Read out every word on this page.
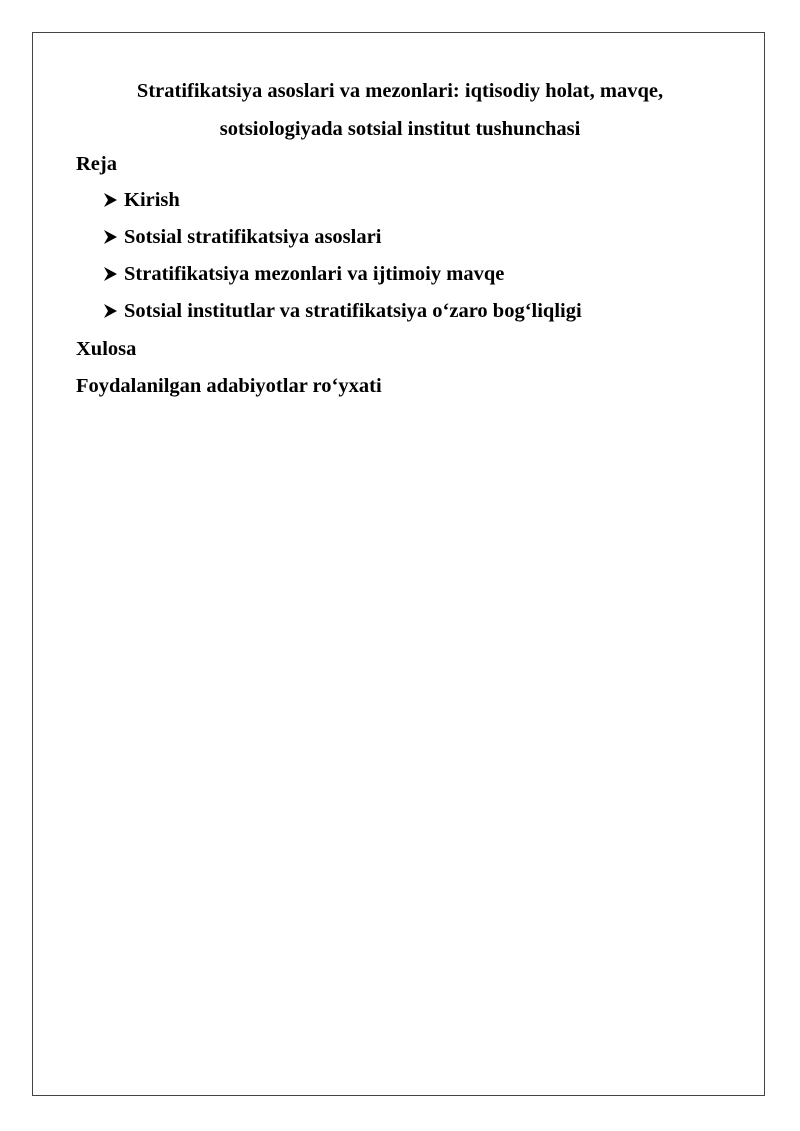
Stratifikatsiya asoslari va mezonlari: iqtisodiy holat, mavqe,
sotsiologiyada sotsial institut tushunchasi

Reja

Kirish
Sotsial stratifikatsiya asoslari
Stratifikatsiya mezonlari va ijtimoiy mavqe
Sotsial institutlar va stratifikatsiya o‘zaro bog‘liqligi

Xulosa

Foydalanilgan adabiyotlar ro‘yxati
